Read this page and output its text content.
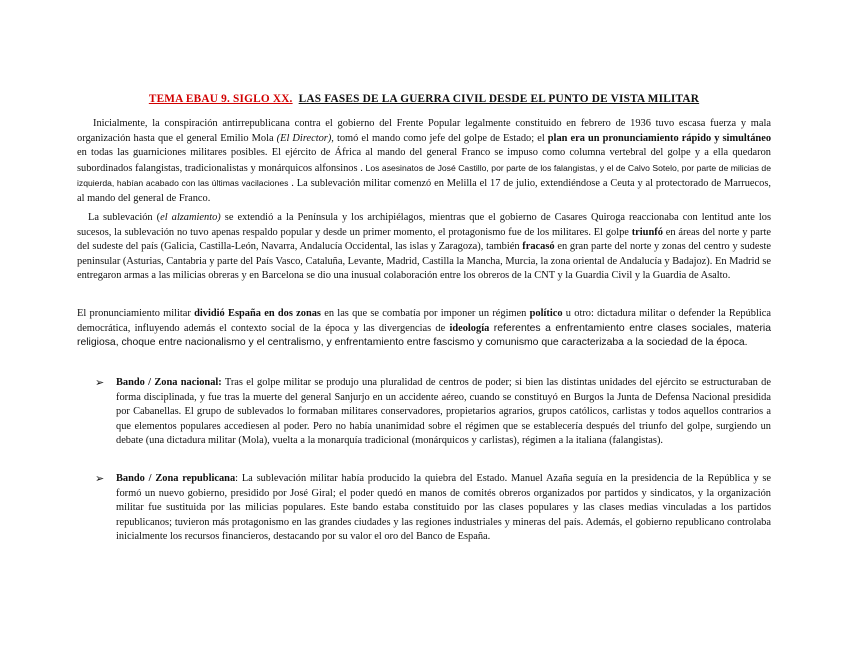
TEMA EBAU 9. SIGLO XX. LAS FASES DE LA GUERRA CIVIL DESDE EL PUNTO DE VISTA MILITAR
Inicialmente, la conspiración antirrepublicana contra el gobierno del Frente Popular legalmente constituido en febrero de 1936 tuvo escasa fuerza y mala organización hasta que el general Emilio Mola (El Director), tomó el mando como jefe del golpe de Estado; el plan era un pronunciamiento rápido y simultáneo en todas las guarniciones militares posibles. El ejército de África al mando del general Franco se impuso como columna vertebral del golpe y a ella quedaron subordinados falangistas, tradicionalistas y monárquicos alfonsinos . Los asesinatos de José Castillo, por parte de los falangistas, y el de Calvo Sotelo, por parte de milicias de izquierda, habían acabado con las últimas vacilaciones . La sublevación militar comenzó en Melilla el 17 de julio, extendiéndose a Ceuta y al protectorado de Marruecos, al mando del general de Franco.
La sublevación (el alzamiento) se extendió a la Península y los archipiélagos, mientras que el gobierno de Casares Quiroga reaccionaba con lentitud ante los sucesos, la sublevación no tuvo apenas respaldo popular y desde un primer momento, el protagonismo fue de los militares. El golpe triunfó en áreas del norte y parte del sudeste del país (Galicia, Castilla-León, Navarra, Andalucía Occidental, las islas y Zaragoza), también fracasó en gran parte del norte y zonas del centro y sudeste peninsular (Asturias, Cantabria y parte del País Vasco, Cataluña, Levante, Madrid, Castilla la Mancha, Murcia, la zona oriental de Andalucía y Badajoz). En Madrid se entregaron armas a las milicias obreras y en Barcelona se dio una inusual colaboración entre los obreros de la CNT y la Guardia Civil y la Guardia de Asalto.
El pronunciamiento militar dividió España en dos zonas en las que se combatía por imponer un régimen político u otro: dictadura militar o defender la República democrática, influyendo además el contexto social de la época y las divergencias de ideología referentes a enfrentamiento entre clases sociales, materia religiosa, choque entre nacionalismo y el centralismo, y enfrentamiento entre fascismo y comunismo que caracterizaba a la sociedad de la época.
➢ Bando / Zona nacional: Tras el golpe militar se produjo una pluralidad de centros de poder; si bien las distintas unidades del ejército se estructuraban de forma disciplinada, y fue tras la muerte del general Sanjurjo en un accidente aéreo, cuando se constituyó en Burgos la Junta de Defensa Nacional presidida por Cabanellas. El grupo de sublevados lo formaban militares conservadores, propietarios agrarios, grupos católicos, carlistas y todos aquellos contrarios a que elementos populares accediesen al poder. Pero no había unanimidad sobre el régimen que se establecería después del triunfo del golpe, surgiendo un debate (una dictadura militar (Mola), vuelta a la monarquía tradicional (monárquicos y carlistas), régimen a la italiana (falangistas).
➢ Bando / Zona republicana: La sublevación militar había producido la quiebra del Estado. Manuel Azaña seguía en la presidencia de la República y se formó un nuevo gobierno, presidido por José Giral; el poder quedó en manos de comités obreros organizados por partidos y sindicatos, y la organización militar fue sustituida por las milicias populares. Este bando estaba constituido por las clases populares y las clases medias vinculadas a los partidos republicanos; tuvieron más protagonismo en las grandes ciudades y las regiones industriales y mineras del país. Además, el gobierno republicano controlaba inicialmente los recursos financieros, destacando por su valor el oro del Banco de España.
